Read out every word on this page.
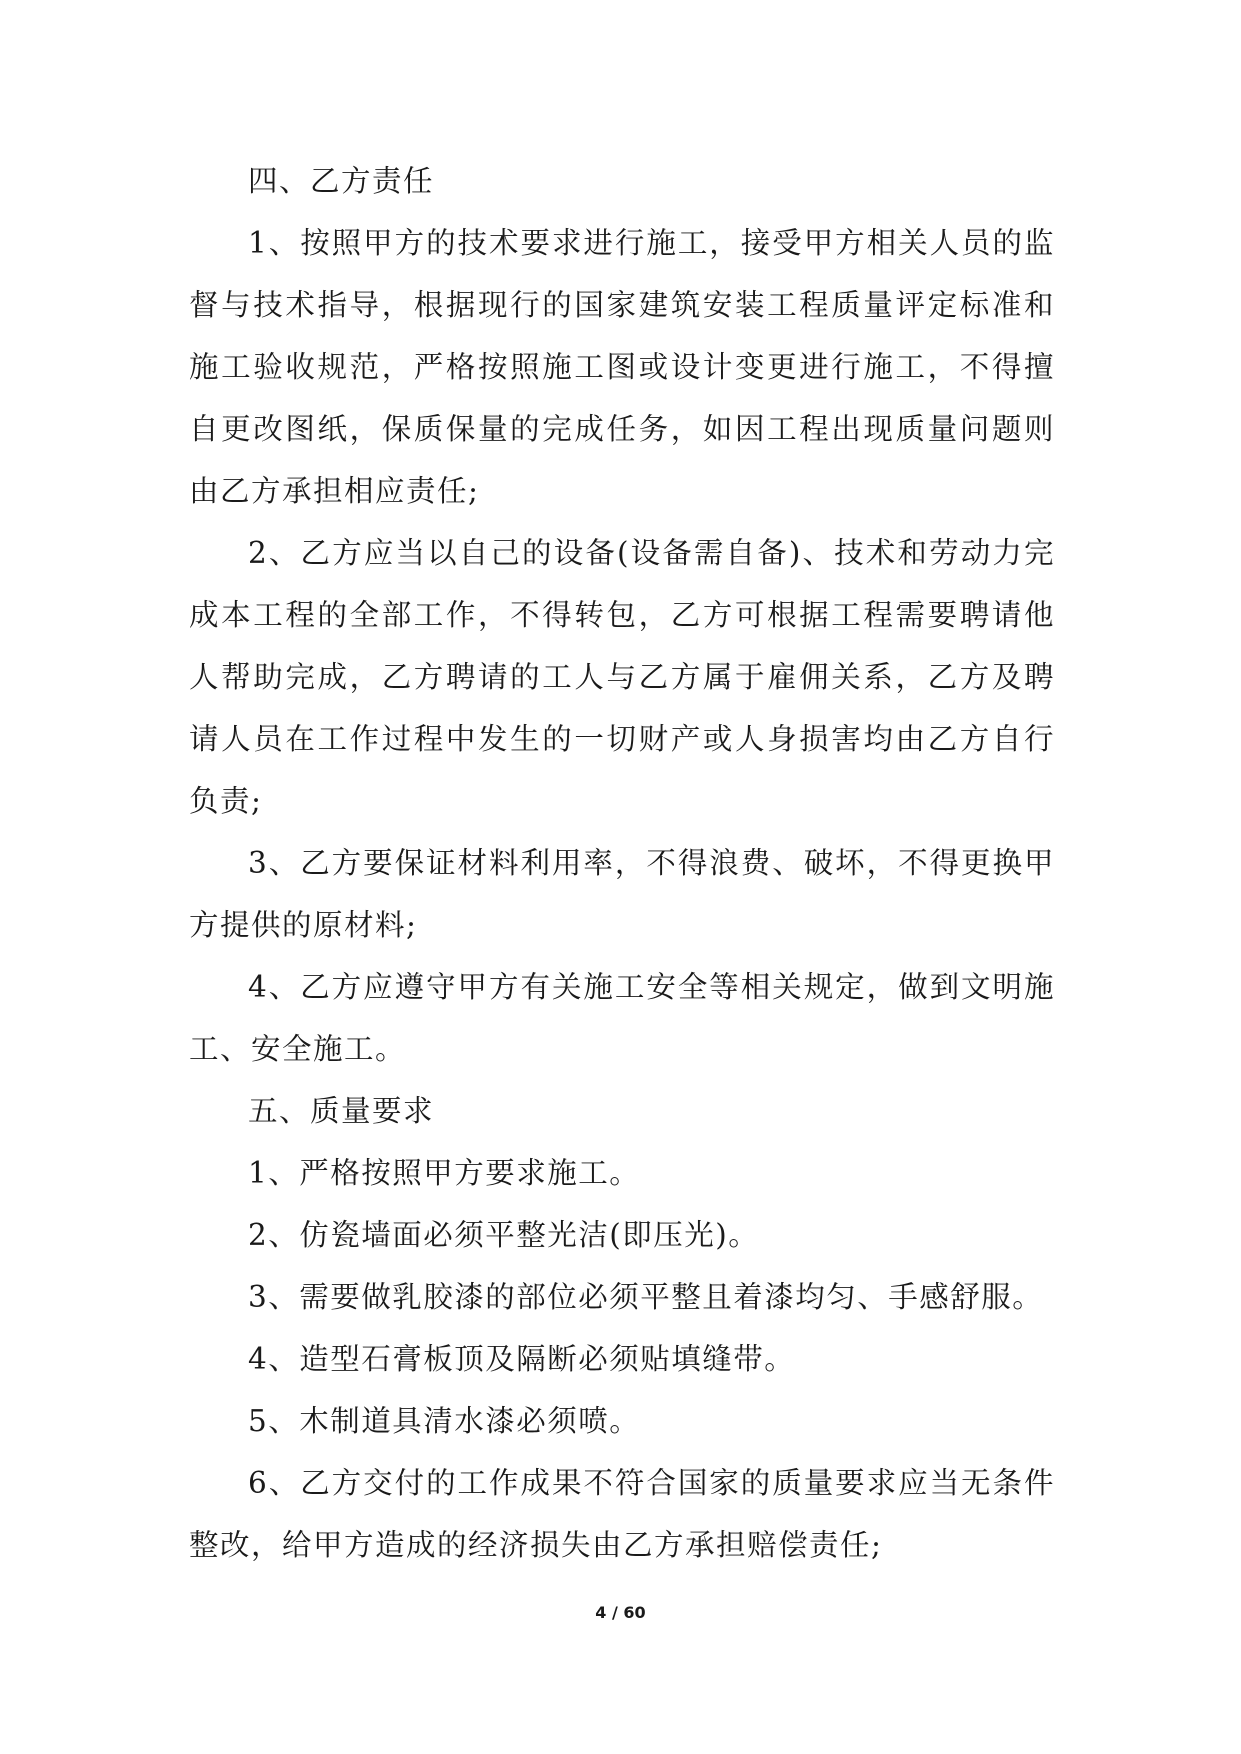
四、乙方责任

1、按照甲方的技术要求进行施工，接受甲方相关人员的监督与技术指导，根据现行的国家建筑安装工程质量评定标准和施工验收规范，严格按照施工图或设计变更进行施工，不得擅自更改图纸，保质保量的完成任务，如因工程出现质量问题则由乙方承担相应责任;

2、乙方应当以自己的设备(设备需自备)、技术和劳动力完成本工程的全部工作，不得转包，乙方可根据工程需要聘请他人帮助完成，乙方聘请的工人与乙方属于雇佣关系，乙方及聘请人员在工作过程中发生的一切财产或人身损害均由乙方自行负责;

3、乙方要保证材料利用率，不得浪费、破坏，不得更换甲方提供的原材料;

4、乙方应遵守甲方有关施工安全等相关规定，做到文明施工、安全施工。

五、质量要求

1、严格按照甲方要求施工。

2、仿瓷墙面必须平整光洁(即压光)。

3、需要做乳胶漆的部位必须平整且着漆均匀、手感舒服。

4、造型石膏板顶及隔断必须贴填缝带。

5、木制道具清水漆必须喷。

6、乙方交付的工作成果不符合国家的质量要求应当无条件整改，给甲方造成的经济损失由乙方承担赔偿责任;

4 / 60
